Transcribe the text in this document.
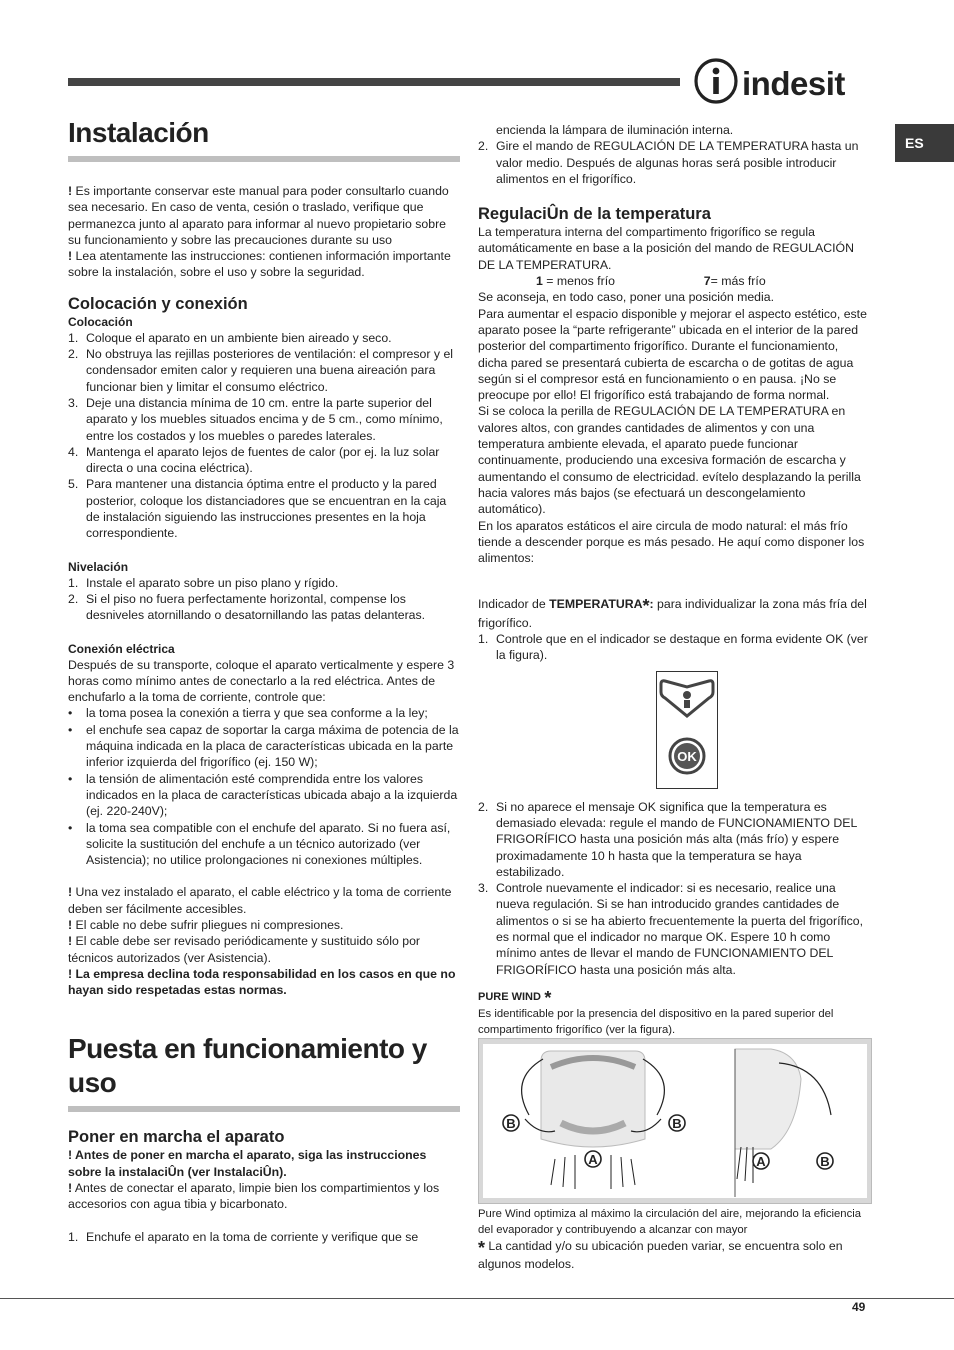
indesit
ES
Instalación

! Es importante conservar este manual para poder consultarlo cuando sea necesario. En caso de venta, cesión o traslado, verifique que permanezca junto al aparato para informar al nuevo propietario sobre su funcionamiento y sobre las precauciones durante su uso

! Lea atentamente las instrucciones: contienen información importante sobre la instalación, sobre el uso y sobre la seguridad.

Colocación y conexión
Colocación
1. Coloque el aparato en un ambiente bien aireado y seco.
2. No obstruya las rejillas posteriores de ventilación: el compresor y el condensador emiten calor y requieren una buena aireación para funcionar bien y limitar el consumo eléctrico.
3. Deje una distancia mínima de 10 cm. entre la parte superior del aparato y los muebles situados encima y de 5 cm., como mínimo, entre los costados y los muebles o paredes laterales.
4. Mantenga el aparato lejos de fuentes de calor (por ej. la luz solar directa o una cocina eléctrica).
5. Para mantener una distancia óptima entre el producto y la pared posterior, coloque los distanciadores que se encuentran en la caja de instalación siguiendo las instrucciones presentes en la hoja correspondiente.
Nivelación
1. Instale el aparato sobre un piso plano y rígido.
2. Si el piso no fuera perfectamente horizontal, compense los desniveles atornillando o desatornillando las patas delanteras.
Conexión eléctrica

Después de su transporte, coloque el aparato verticalmente y espere 3 horas como mínimo antes de conectarlo a la red eléctrica. Antes de enchufarlo a la toma de corriente, controle que:

• la toma posea la conexión a tierra y que sea conforme a la ley;
• el enchufe sea capaz de soportar la carga máxima de potencia de la máquina indicada en la placa de características ubicada en la parte inferior izquierda del frigorífico (ej. 150 W);
• la tensión de alimentación esté comprendida entre los valores indicados en la placa de características ubicada abajo a la izquierda (ej. 220-240V);
• la toma sea compatible con el enchufe del aparato. Si no fuera así, solicite la sustitución del enchufe a un técnico autorizado (ver Asistencia); no utilice prolongaciones ni conexiones múltiples.

! Una vez instalado el aparato, el cable eléctrico y la toma de corriente deben ser fácilmente accesibles.

! El cable no debe sufrir pliegues ni compresiones.

! El cable debe ser revisado periódicamente y sustituido sólo por técnicos autorizados (ver Asistencia).

! La empresa declina toda responsabilidad en los casos en que no hayan sido respetadas estas normas.

Puesta en funcionamiento y uso
Poner en marcha el aparato

! Antes de poner en marcha el aparato, siga las instrucciones sobre la instalaciÛn (ver InstalaciÛn).

! Antes de conectar el aparato, limpie bien los compartimientos y los accesorios con agua tibia y bicarbonato.

1. Enchufe el aparato en la toma de corriente y verifique que se
encienda la lámpara de iluminación interna.
2. Gire el mando de REGULACIÓN DE LA TEMPERATURA hasta un valor medio. Después de algunas horas será posible introducir alimentos en el frigorífico.
RegulaciÛn de la temperatura

La temperatura interna del compartimento frigorífico se regula automáticamente en base a la posición del mando de REGULACIÓN DE LA TEMPERATURA.

1 = menos frío	7= más frío

Se aconseja, en todo caso, poner una posición media.

Para aumentar el espacio disponible y mejorar el aspecto estético, este aparato posee la “parte refrigerante” ubicada en el interior de la pared posterior del compartimento frigorífico. Durante el funcionamiento, dicha pared se presentará cubierta de escarcha o de gotitas de agua según si el compresor está en funcionamiento o en pausa. ¡No se preocupe por ello! El frigorífico está trabajando de forma normal.

Si se coloca la perilla de REGULACIÓN DE LA TEMPERATURA en valores altos, con grandes cantidades de alimentos y con una temperatura ambiente elevada, el aparato puede funcionar continuamente, produciendo una excesiva formación de escarcha y aumentando el consumo de electricidad. evítelo desplazando la perilla hacia valores más bajos (se efectuará un descongelamiento automático).

En los aparatos estáticos el aire circula de modo natural: el más frío tiende a descender porque es más pesado. He aquí como disponer los alimentos:

Indicador de TEMPERATURA*: para individualizar la zona más fría del frigorífico.

1. Controle que en el indicador se destaque en forma evidente OK (ver la figura).
OK
2. Si no aparece el mensaje OK significa que la temperatura es demasiado elevada: regule el mando de FUNCIONAMIENTO DEL FRIGORÍFICO hasta una posición más alta (más frío) y espere proximadamente 10 h hasta que la temperatura se haya estabilizado.
3. Controle nuevamente el indicador: si es necesario, realice una nueva regulación. Si se han introducido grandes cantidades de alimentos o si se ha abierto frecuentemente la puerta del frigorífico, es normal que el indicador no marque OK. Espere 10 h como mínimo antes de llevar el mando de FUNCIONAMIENTO DEL FRIGORÍFICO hasta una posición más alta.

PURE WIND *

Es identificable por la presencia del dispositivo en la pared superior del compartimento frigorífico (ver la figura).

B	B
A	A	B

Pure Wind optimiza al máximo la circulación del aire, mejorando la eficiencia del evaporador y contribuyendo a alcanzar con mayor

* La cantidad y/o su ubicación pueden variar, se encuentra solo en algunos modelos.

49
